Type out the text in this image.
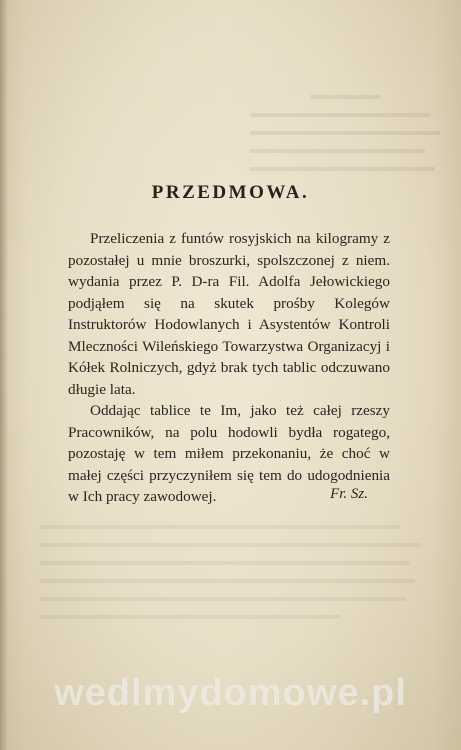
PRZEDMOWA.

Przeliczenia z funtów rosyjskich na kilogramy z pozostałej u mnie broszurki, spolszczonej z niem. wydania przez P. D-ra Fil. Adolfa Jełowickiego podjąłem się na skutek prośby Kolegów Instruktorów Hodowlanych i Asystentów Kontroli Mleczności Wileńskiego Towarzystwa Organizacyj i Kółek Rolniczych, gdyż brak tych tablic odczuwano długie lata.

Oddając tablice te Im, jako też całej rzeszy Pracowników, na polu hodowli bydła rogatego, pozostaję w tem miłem przekonaniu, że choć w małej części przyczyniłem się tem do udogodnienia w Ich pracy zawodowej.	Fr. Sz.
wedlmydomowe.pl
